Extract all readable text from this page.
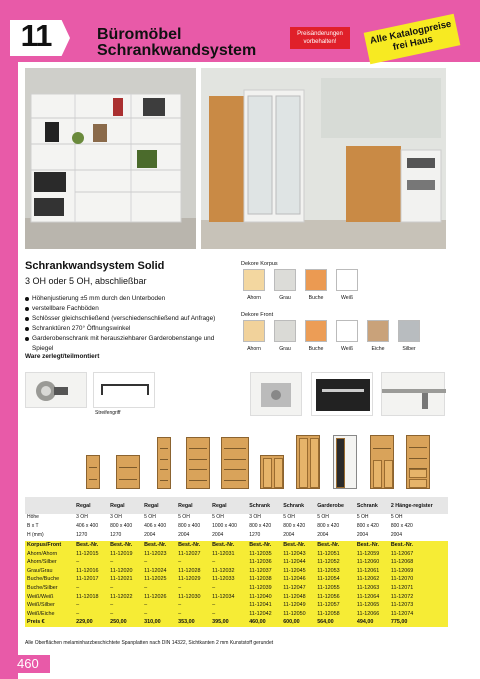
11	Büromöbel
Schrankwandsystem
Preisänderungen vorbehalten!	Alle Katalogpreise frei Haus
Schrankwandsystem Solid
3 OH oder 5 OH, abschließbar
Höhenjustierung ±5 mm durch den Unterboden
verstellbare Fachböden
Schlösser gleichschließend (verschiedenschließend auf Anfrage)
Schranktüren 270° Öffnungswinkel
Garderobenschrank mit herausziehbarer Garderobenstange und Spiegel
Ware zerlegt/teilmontiert
Dekore Korpus
Ahorn	Grau	Buche	Weiß
Dekore Front
Ahorn	Grau	Buche	Weiß	Eiche	Silber
Streifengriff
	Regal	Regal	Regal	Regal	Regal	Schrank	Schrank	Garderobe	Schrank	2 Hänge-register
Höhe	3 OH	3 OH	5 OH	5 OH	5 OH	3 OH	5 OH	5 OH	5 OH	5 OH
B x T	406 x 400	800 x 400	406 x 400	800 x 400	1000 x 400	800 x 420	800 x 420	800 x 420	800 x 420	800 x 420
H (mm)	1270	1270	2004	2004	2004	1270	2004	2004	2004	2004
Korpus/Front	Best.-Nr.	Best.-Nr.	Best.-Nr.	Best.-Nr.	Best.-Nr.	Best.-Nr.	Best.-Nr.	Best.-Nr.	Best.-Nr.	Best.-Nr.
Ahorn/Ahorn	11-12015	11-12019	11-12023	11-12027	11-12031	11-12035	11-12043	11-12051	11-12059	11-12067
Ahorn/Silber	–	–	–	–	–	11-12036	11-12044	11-12052	11-12060	11-12068
Grau/Grau	11-12016	11-12020	11-12024	11-12028	11-12032	11-12037	11-12045	11-12053	11-12061	11-12069
Buche/Buche	11-12017	11-12021	11-12025	11-12029	11-12033	11-12038	11-12046	11-12054	11-12062	11-12070
Buche/Silber	–	–	–	–	–	11-12039	11-12047	11-12055	11-12063	11-12071
Weiß/Weiß	11-12018	11-12022	11-12026	11-12030	11-12034	11-12040	11-12048	11-12056	11-12064	11-12072
Weiß/Silber	–	–	–	–	–	11-12041	11-12049	11-12057	11-12065	11-12073
Weiß/Eiche	–	–	–	–	–	11-12042	11-12050	11-12058	11-12066	11-12074
Preis €	229,00	250,00	310,00	353,00	395,00	460,00	600,00	564,00	494,00	775,00
Alle Oberflächen melaminharzbeschichtete Spanplatten nach DIN 14322, Sichtkanten 2 mm Kunststoff gerundet
460
